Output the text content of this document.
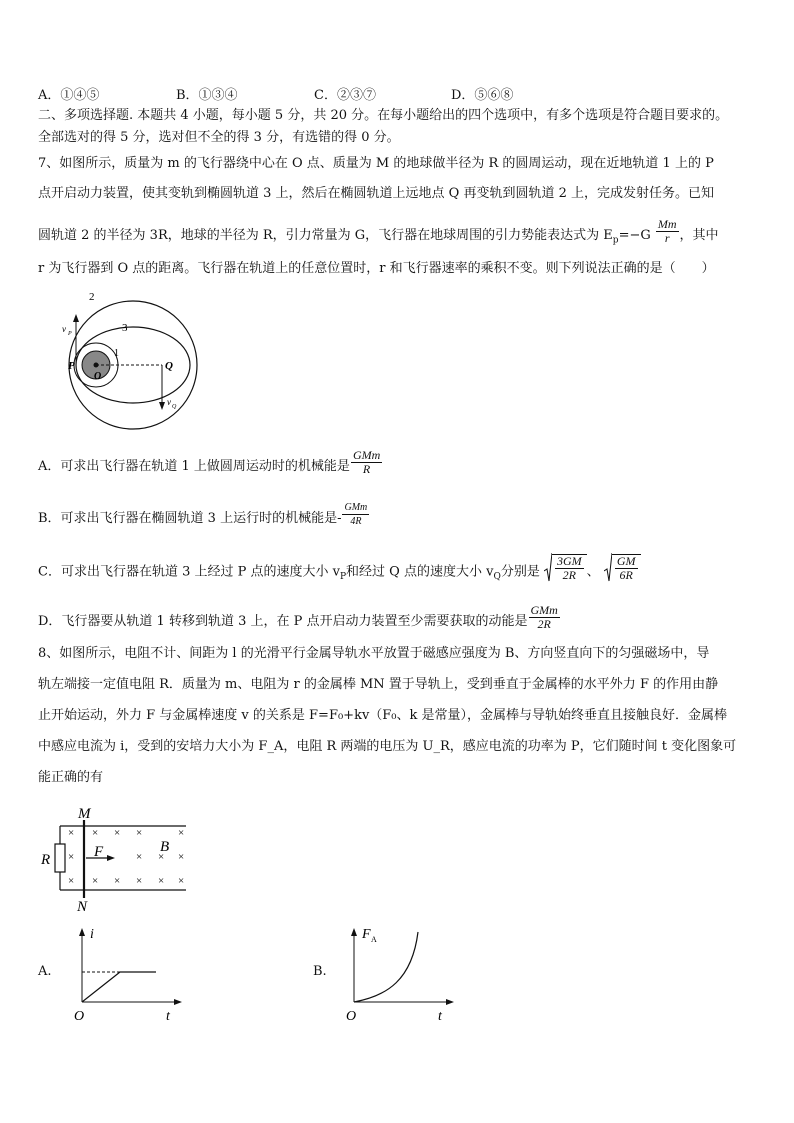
A．①④⑤	B．①③④	C．②③⑦	D．⑤⑥⑧
二、多项选择题. 本题共 4 小题，每小题 5 分，共 20 分。在每小题给出的四个选项中，有多个选项是符合题目要求的。
全部选对的得 5 分，选对但不全的得 3 分，有选错的得 0 分。
7、如图所示，质量为 m 的飞行器绕中心在 O 点、质量为 M 的地球做半径为 R 的圆周运动，现在近地轨道 1 上的 P
点开启动力装置，使其变轨到椭圆轨道 3 上，然后在椭圆轨道上远地点 Q 再变轨到圆轨道 2 上，完成发射任务。已知
圆轨道 2 的半径为 3R，地球的半径为 R，引力常量为 G，飞行器在地球周围的引力势能表达式为 $E_p=-G \frac{Mm}{r}$ ，其中
r 为飞行器到 O 点的距离。飞行器在轨道上的任意位置时，r 和飞行器速率的乘积不变。则下列说法正确的是（　　）
2
3
1
P
O
Q
v P
v Q
A．可求出飞行器在轨道 1 上做圆周运动时的机械能是 $\frac{\text{GMm}}{R}$
B．可求出飞行器在椭圆轨道 3 上运行时的机械能是- $\frac{\text{GMm}}{4R}$
C．可求出飞行器在轨道 3 上经过 P 点的速度大小 $v_P$和经过 Q 点的速度大小 $v_Q$分别是 $\frac{3GM}{2R}$ 、 $\frac{GM}{6R}$
D．飞行器要从轨道 1 转移到轨道 3 上，在 P 点开启动力装置至少需要获取的动能是 $\frac{\text{GMm}}{2R}$
8、如图所示，电阻不计、间距为 l 的光滑平行金属导轨水平放置于磁感应强度为 B、方向竖直向下的匀强磁场中，导
轨左端接一定值电阻 R．质量为 m、电阻为 r 的金属棒 MN 置于导轨上，受到垂直于金属棒的水平外力 F 的作用由静
止开始运动，外力 F 与金属棒速度 v 的关系是 F=F₀+kv（F₀、k 是常量），金属棒与导轨始终垂直且接触良好．金属棒
中感应电流为 i，受到的安培力大小为 F_A，电阻 R 两端的电压为 U_R，感应电流的功率为 P，它们随时间 t 变化图象可
能正确的有
× × × ×	×
×	× × ×
× × × × × ×
M
N
R	F	B
A.
i
t
O
B.
F A
t
O
